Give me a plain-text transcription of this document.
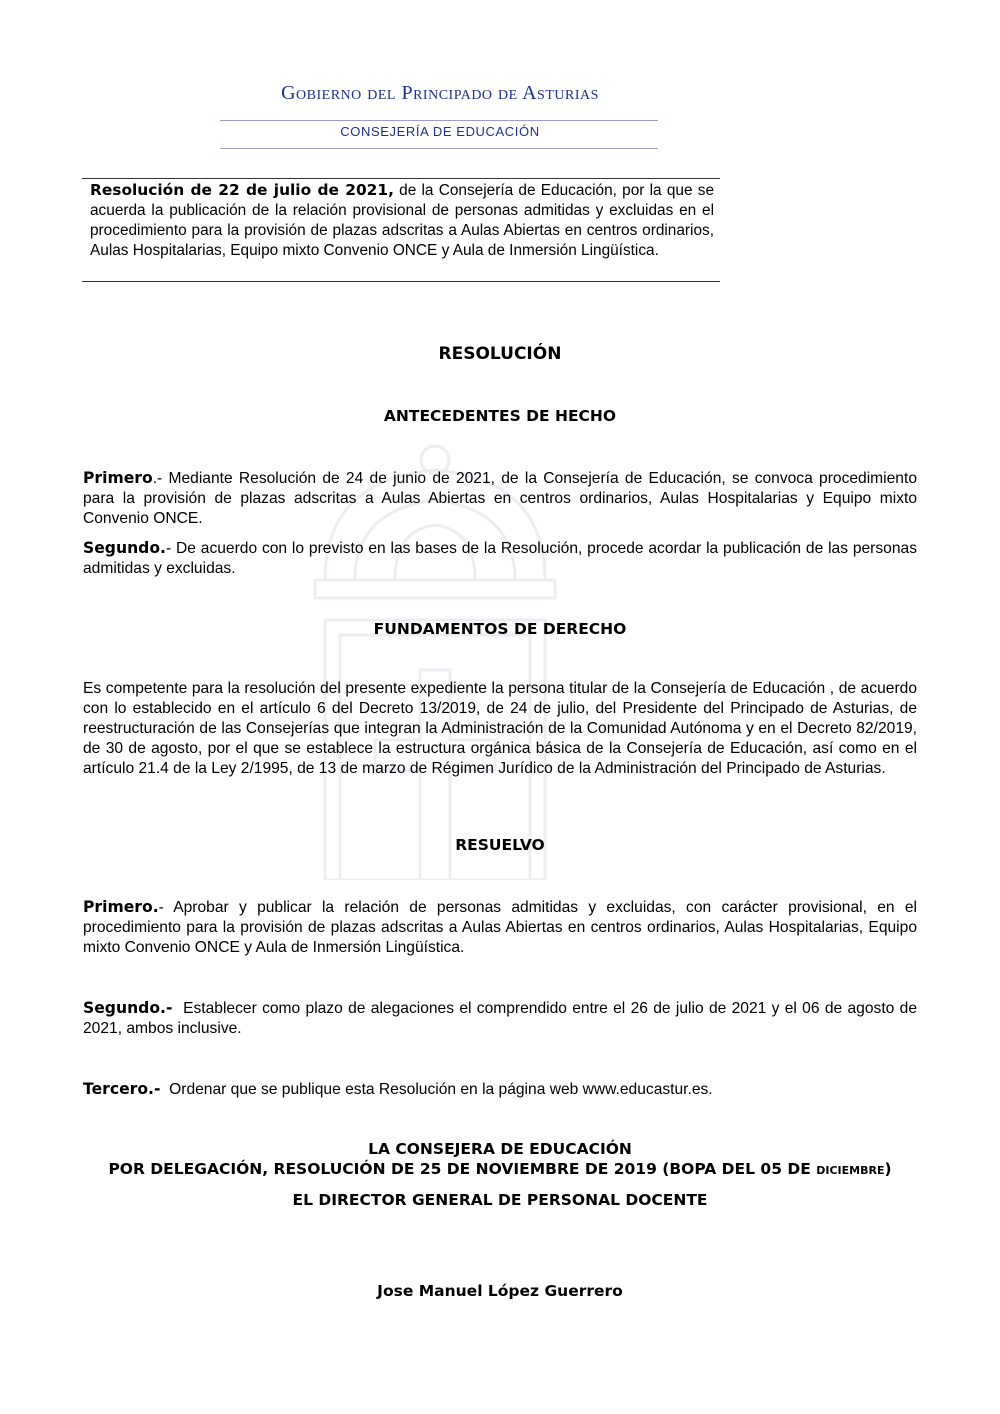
Gobierno del Principado de Asturias
CONSEJERÍA DE EDUCACIÓN
Resolución de 22 de julio de 2021, de la Consejería de Educación, por la que se acuerda la publicación de la relación provisional de personas admitidas y excluidas en el procedimiento para la provisión de plazas adscritas a Aulas Abiertas en centros ordinarios, Aulas Hospitalarias, Equipo mixto Convenio ONCE y Aula de Inmersión Lingüística.
RESOLUCIÓN
ANTECEDENTES DE HECHO
Primero.- Mediante Resolución de 24 de junio de 2021, de la Consejería de Educación, se convoca procedimiento para la provisión de plazas adscritas a Aulas Abiertas en centros ordinarios, Aulas Hospitalarias y Equipo mixto Convenio ONCE.
Segundo.- De acuerdo con lo previsto en las bases de la Resolución, procede acordar la publicación de las personas admitidas y excluidas.
FUNDAMENTOS DE DERECHO
Es competente para la resolución del presente expediente la persona titular de la Consejería de Educación , de acuerdo con lo establecido en el artículo 6 del Decreto 13/2019, de 24 de julio, del Presidente del Principado de Asturias, de reestructuración de las Consejerías que integran la Administración de la Comunidad Autónoma y en el Decreto 82/2019, de 30 de agosto, por el que se establece la estructura orgánica básica de la Consejería de Educación, así como en el artículo 21.4 de la Ley 2/1995, de 13 de marzo de Régimen Jurídico de la Administración del Principado de Asturias.
RESUELVO
Primero.- Aprobar y publicar la relación de personas admitidas y excluidas, con carácter provisional, en el procedimiento para la provisión de plazas adscritas a Aulas Abiertas en centros ordinarios, Aulas Hospitalarias, Equipo mixto Convenio ONCE y Aula de Inmersión Lingüística.
Segundo.-  Establecer como plazo de alegaciones el comprendido entre el 26 de julio de 2021 y el 06 de agosto de 2021, ambos inclusive.
Tercero.-  Ordenar que se publique esta Resolución en la página web www.educastur.es.
LA CONSEJERA DE EDUCACIÓN
POR DELEGACIÓN, RESOLUCIÓN DE 25 DE NOVIEMBRE DE 2019 (BOPA DEL 05 DE DICIEMBRE)
EL DIRECTOR GENERAL DE PERSONAL DOCENTE
Jose Manuel López Guerrero
